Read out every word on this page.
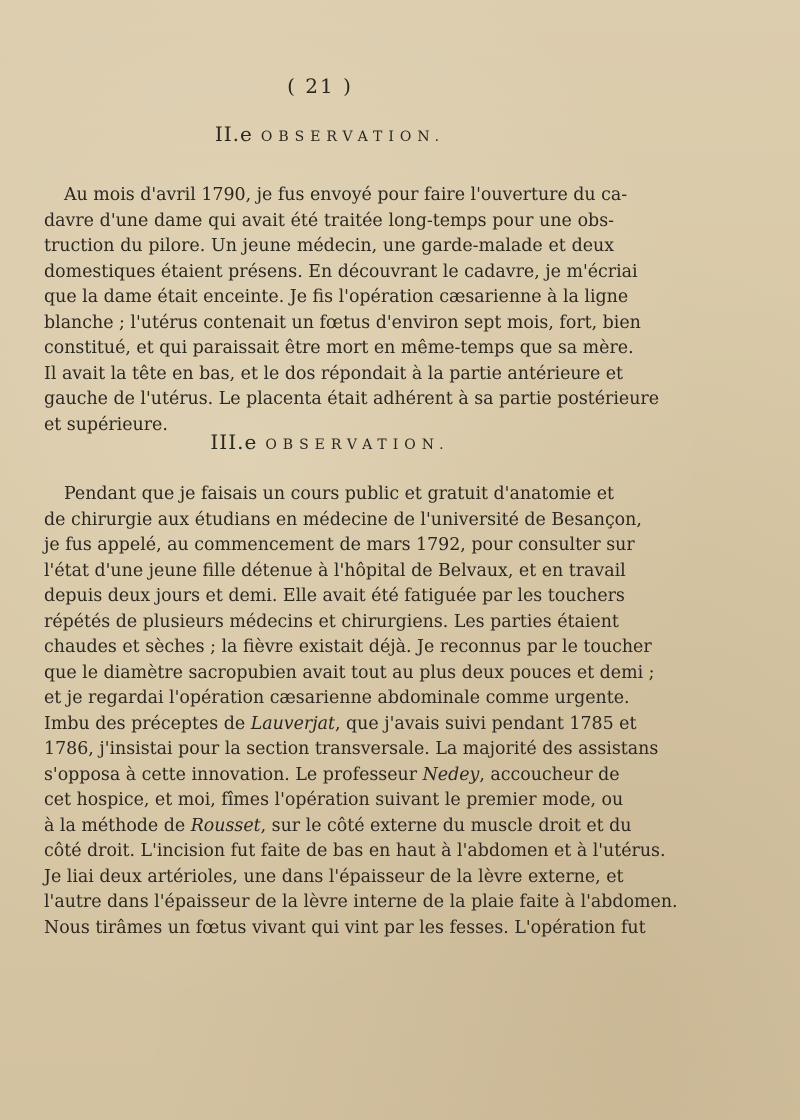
( 21 )
II.e OBSERVATION.
Au mois d'avril 1790, je fus envoyé pour faire l'ouverture du ca-
davre d'une dame qui avait été traitée long-temps pour une obs-
truction du pilore. Un jeune médecin, une garde-malade et deux
domestiques étaient présens. En découvrant le cadavre, je m'écriai
que la dame était enceinte. Je fis l'opération cæsarienne à la ligne
blanche ; l'utérus contenait un fœtus d'environ sept mois, fort, bien
constitué, et qui paraissait être mort en même-temps que sa mère.
Il avait la tête en bas, et le dos répondait à la partie antérieure et
gauche de l'utérus. Le placenta était adhérent à sa partie postérieure
et supérieure.
III.e OBSERVATION.
Pendant que je faisais un cours public et gratuit d'anatomie et
de chirurgie aux étudians en médecine de l'université de Besançon,
je fus appelé, au commencement de mars 1792, pour consulter sur
l'état d'une jeune fille détenue à l'hôpital de Belvaux, et en travail
depuis deux jours et demi. Elle avait été fatiguée par les touchers
répétés de plusieurs médecins et chirurgiens. Les parties étaient
chaudes et sèches ; la fièvre existait déjà. Je reconnus par le toucher
que le diamètre sacropubien avait tout au plus deux pouces et demi ;
et je regardai l'opération cæsarienne abdominale comme urgente.
Imbu des préceptes de Lauverjat, que j'avais suivi pendant 1785 et
1786, j'insistai pour la section transversale. La majorité des assistans
s'opposa à cette innovation. Le professeur Nedey, accoucheur de
cet hospice, et moi, fîmes l'opération suivant le premier mode, ou
à la méthode de Rousset, sur le côté externe du muscle droit et du
côté droit. L'incision fut faite de bas en haut à l'abdomen et à l'utérus.
Je liai deux artérioles, une dans l'épaisseur de la lèvre externe, et
l'autre dans l'épaisseur de la lèvre interne de la plaie faite à l'abdomen.
Nous tirâmes un fœtus vivant qui vint par les fesses. L'opération fut
